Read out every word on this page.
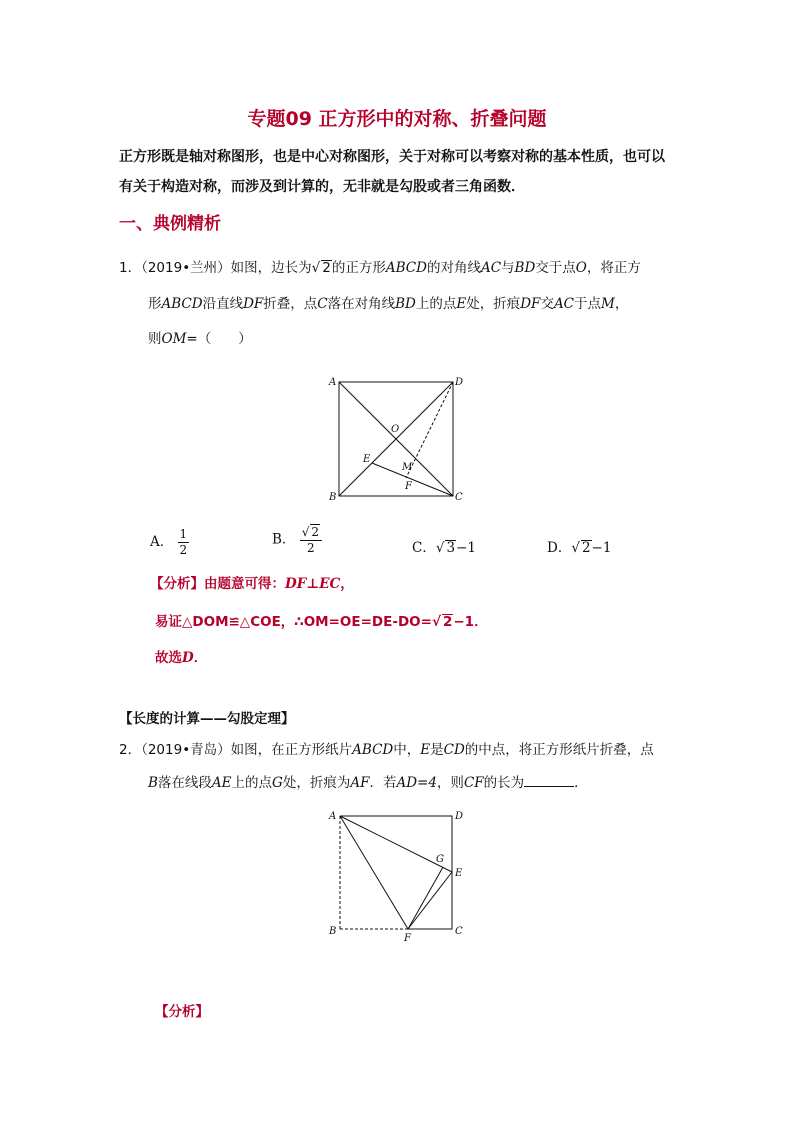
专题09 正方形中的对称、折叠问题
正方形既是轴对称图形，也是中心对称图形，关于对称可以考察对称的基本性质，也可以
有关于构造对称，而涉及到计算的，无非就是勾股或者三角函数．
一、典例精析
1．（2019•兰州）如图，边长为√ 2的正方形ABCD的对角线AC与BD交于点O，将正方
形ABCD沿直线DF折叠，点C落在对角线BD上的点E处，折痕DF交AC于点M，
则OM=（　　）
A	D
B	C
O
E
M
F
A． $\frac{1}{2}$	B． $\frac{√ 2}{2}$	C．√ 3−1	D．√ 2−1
【分析】由题意可得：DF⊥EC，
易证△DOM≌△COE，∴OM=OE=DE-DO=√ 2−1．
故选D．
【长度的计算——勾股定理】
2．（2019•青岛）如图，在正方形纸片ABCD中，E是CD的中点，将正方形纸片折叠，点
B落在线段AE上的点G处，折痕为AF．若AD=4，则CF的长为	．
A	D
G
E
B
F
C
【分析】
